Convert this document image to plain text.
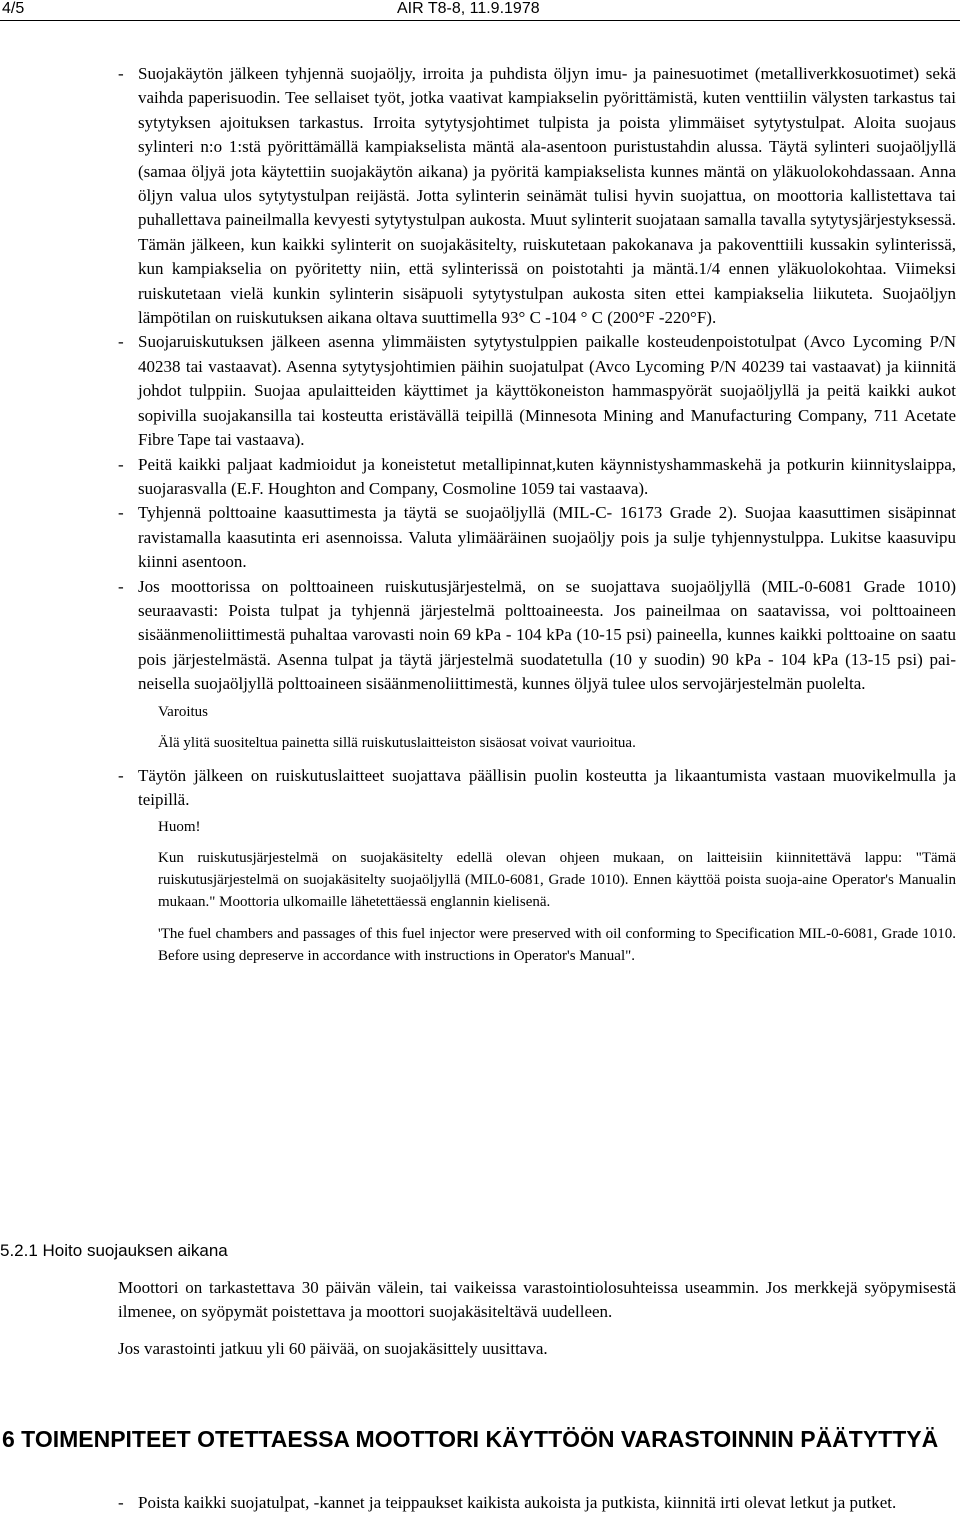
4/5	AIR T8-8, 11.9.1978

- Suojakäytön jälkeen tyhjennä suojaöljy, irroita ja puhdista öljyn imu- ja painesuotimet (metalliverkkosuotimet) sekä vaihda paperisuodin. Tee sellaiset työt, jotka vaativat kampiakselin pyörittämistä, kuten venttiilin välysten tarkastus tai sytytyksen ajoituksen tarkastus. Irroita sytytysjohtimet tulpista ja poista ylimmäiset sytytystulpat. Aloita suojaus sylinteri n:o 1:stä pyörittämällä kampiakselista mäntä ala-asentoon puristustahdin alussa. Täytä sylinteri suojaöljyllä (samaa öljyä jota käytettiin suojakäytön aikana) ja pyöritä kampiakselista kunnes mäntä on yläkuolokohdassaan. Anna öljyn valua ulos sytytystulpan reijästä. Jotta sylinterin seinämät tulisi hyvin suojattua, on moottoria kallistettava tai puhallettava paineilmalla kevyesti sytytystulpan aukosta. Muut sylinterit suojataan samalla tavalla sytytysjärjestyksessä. Tämän jälkeen, kun kaikki sylinterit on suojakäsitelty, ruiskutetaan pakokanava ja pakoventtiili kussakin sylinterissä, kun kampiakselia on pyöritetty niin, että sylinterissä on poistotahti ja mäntä.1/4 ennen yläkuolokohtaa. Viimeksi ruiskutetaan vielä kunkin sylinterin sisäpuoli sytytystulpan aukosta siten ettei kampiakselia liikuteta. Suojaöljyn lämpötilan on ruiskutuksen aikana oltava suuttimella 93° C -104 ° C (200°F -220°F).

- Suojaruiskutuksen jälkeen asenna ylimmäisten sytytystulppien paikalle kosteudenpoistotulpat (Avco Lycoming P/N 40238 tai vastaavat). Asenna sytytysjohtimien päihin suojatulpat (Avco Lycoming P/N 40239 tai vastaavat) ja kiinnitä johdot tulppiin. Suojaa apulaitteiden käyttimet ja käyttökoneiston hammaspyörät suojaöljyllä ja peitä kaikki aukot sopivilla suojakansilla tai kosteutta eristävällä teipillä (Minnesota Mining and Manufacturing Company, 711 Acetate Fibre Tape tai vastaava).

- Peitä kaikki paljaat kadmioidut ja koneistetut metallipinnat,kuten käynnistyshammaskehä ja potkurin kiinnityslaippa, suojarasvalla (E.F. Houghton and Company, Cosmoline 1059 tai vastaava).

- Tyhjennä polttoaine kaasuttimesta ja täytä se suojaöljyllä (MIL-C- 16173 Grade 2). Suojaa kaasuttimen sisäpinnat ravistamalla kaasutinta eri asennoissa. Valuta ylimääräinen suojaöljy pois ja sulje tyhjennystulppa. Lukitse kaasuvipu kiinni asentoon.

- Jos moottorissa on polttoaineen ruiskutusjärjestelmä, on se suojattava suojaöljyllä (MIL-0-6081 Grade 1010) seuraavasti: Poista tulpat ja tyhjennä järjestelmä polttoaineesta. Jos paineilmaa on saatavissa, voi polttoaineen sisäänmenoliittimestä puhaltaa varovasti noin 69 kPa - 104 kPa (10-15 psi) paineella, kunnes kaikki polttoaine on saatu pois järjestelmästä. Asenna tulpat ja täytä järjestelmä suodatetulla (10 y suodin) 90 kPa - 104 kPa (13-15 psi) paineisella suojaöljyllä polttoaineen sisäänmenoliittimestä, kunnes öljyä tulee ulos servojärjestelmän puolelta.

Varoitus
Älä ylitä suositeltua painetta sillä ruiskutuslaitteiston sisäosat voivat vaurioitua.

- Täytön jälkeen on ruiskutuslaitteet suojattava päällisin puolin kosteutta ja likaantumista vastaan muovikelmulla ja teipillä.

Huom!
Kun ruiskutusjärjestelmä on suojakäsitelty edellä olevan ohjeen mukaan, on laitteisiin kiinnitettävä lappu: "Tämä ruiskutusjärjestelmä on suojakäsitelty suojaöljyllä (MIL0-6081, Grade 1010). Ennen käyttöä poista suoja-aine Operator's Manualin mukaan." Moottoria ulkomaille lähetettäessä englannin kielisenä.
'The fuel chambers and passages of this fuel injector were preserved with oil conforming to Specification MIL-0-6081, Grade 1010. Before using depreserve in accordance with instructions in Operator's Manual".
5.2.1 Hoito suojauksen aikana

Moottori on tarkastettava 30 päivän välein, tai vaikeissa varastointiolosuhteissa useammin. Jos merkkejä syöpymisestä ilmenee, on syöpymät poistettava ja moottori suojakäsiteltävä uudelleen.

Jos varastointi jatkuu yli 60 päivää, on suojakäsittely uusittava.

6 TOIMENPITEET OTETTAESSA MOOTTORI KÄYTTÖÖN VARASTOINNIN PÄÄTYTTYÄ

- Poista kaikki suojatulpat, -kannet ja teippaukset kaikista aukoista ja putkista, kiinnitä irti olevat letkut ja putket.
